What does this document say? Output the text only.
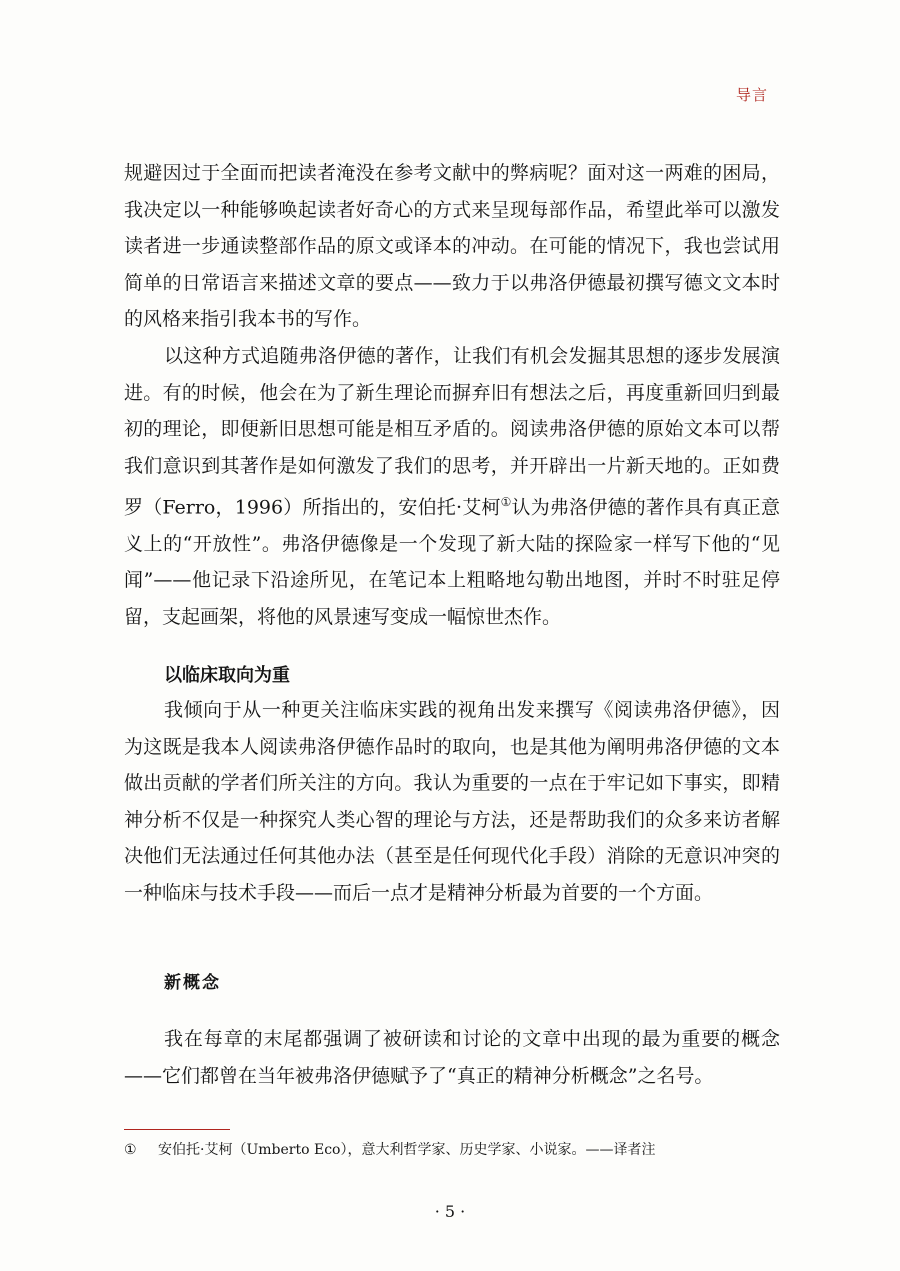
导言

规避因过于全面而把读者淹没在参考文献中的弊病呢？面对这一两难的困局，我决定以一种能够唤起读者好奇心的方式来呈现每部作品，希望此举可以激发读者进一步通读整部作品的原文或译本的冲动。在可能的情况下，我也尝试用简单的日常语言来描述文章的要点——致力于以弗洛伊德最初撰写德文文本时的风格来指引我本书的写作。

以这种方式追随弗洛伊德的著作，让我们有机会发掘其思想的逐步发展演进。有的时候，他会在为了新生理论而摒弃旧有想法之后，再度重新回归到最初的理论，即便新旧思想可能是相互矛盾的。阅读弗洛伊德的原始文本可以帮我们意识到其著作是如何激发了我们的思考，并开辟出一片新天地的。正如费罗（Ferro，1996）所指出的，安伯托·艾柯①认为弗洛伊德的著作具有真正意义上的“开放性”。弗洛伊德像是一个发现了新大陆的探险家一样写下他的“见闻”——他记录下沿途所见，在笔记本上粗略地勾勒出地图，并时不时驻足停留，支起画架，将他的风景速写变成一幅惊世杰作。

以临床取向为重

我倾向于从一种更关注临床实践的视角出发来撰写《阅读弗洛伊德》，因为这既是我本人阅读弗洛伊德作品时的取向，也是其他为阐明弗洛伊德的文本做出贡献的学者们所关注的方向。我认为重要的一点在于牢记如下事实，即精神分析不仅是一种探究人类心智的理论与方法，还是帮助我们的众多来访者解决他们无法通过任何其他办法（甚至是任何现代化手段）消除的无意识冲突的一种临床与技术手段——而后一点才是精神分析最为首要的一个方面。

新概念

我在每章的末尾都强调了被研读和讨论的文章中出现的最为重要的概念——它们都曾在当年被弗洛伊德赋予了“真正的精神分析概念”之名号。

① 安伯托·艾柯（Umberto Eco），意大利哲学家、历史学家、小说家。——译者注

· 5 ·
